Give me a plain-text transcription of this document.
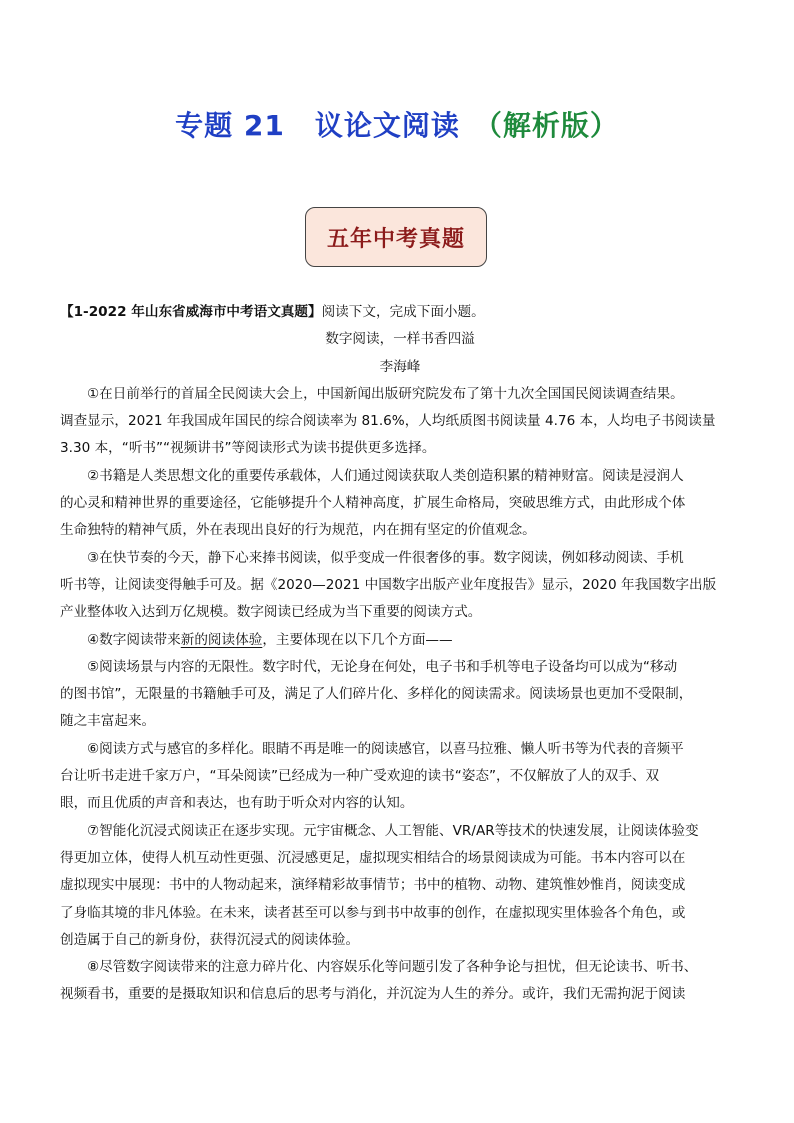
专题 21 议论文阅读 （解析版）
五年中考真题
【1-2022 年山东省威海市中考语文真题】阅读下文，完成下面小题。
数字阅读，一样书香四溢
李海峰
①在日前举行的首届全民阅读大会上，中国新闻出版研究院发布了第十九次全国国民阅读调查结果。
调查显示，2021 年我国成年国民的综合阅读率为 81.6%，人均纸质图书阅读量 4.76 本，人均电子书阅读量
3.30 本，“听书”“视频讲书”等阅读形式为读书提供更多选择。
②书籍是人类思想文化的重要传承载体，人们通过阅读获取人类创造积累的精神财富。阅读是浸润人
的心灵和精神世界的重要途径，它能够提升个人精神高度，扩展生命格局，突破思维方式，由此形成个体
生命独特的精神气质，外在表现出良好的行为规范，内在拥有坚定的价值观念。
③在快节奏的今天，静下心来捧书阅读，似乎变成一件很奢侈的事。数字阅读，例如移动阅读、手机
听书等，让阅读变得触手可及。据《2020—2021 中国数字出版产业年度报告》显示，2020 年我国数字出版
产业整体收入达到万亿规模。数字阅读已经成为当下重要的阅读方式。
④数字阅读带来新的阅读体验，主要体现在以下几个方面——
⑤阅读场景与内容的无限性。数字时代，无论身在何处，电子书和手机等电子设备均可以成为“移动
的图书馆”，无限量的书籍触手可及，满足了人们碎片化、多样化的阅读需求。阅读场景也更加不受限制，
随之丰富起来。
⑥阅读方式与感官的多样化。眼睛不再是唯一的阅读感官，以喜马拉雅、懒人听书等为代表的音频平
台让听书走进千家万户，“耳朵阅读”已经成为一种广受欢迎的读书“姿态”，不仅解放了人的双手、双
眼，而且优质的声音和表达，也有助于听众对内容的认知。
⑦智能化沉浸式阅读正在逐步实现。元宇宙概念、人工智能、VR/AR等技术的快速发展，让阅读体验变
得更加立体，使得人机互动性更强、沉浸感更足，虚拟现实相结合的场景阅读成为可能。书本内容可以在
虚拟现实中展现：书中的人物动起来，演绎精彩故事情节；书中的植物、动物、建筑惟妙惟肖，阅读变成
了身临其境的非凡体验。在未来，读者甚至可以参与到书中故事的创作，在虚拟现实里体验各个角色，或
创造属于自己的新身份，获得沉浸式的阅读体验。
⑧尽管数字阅读带来的注意力碎片化、内容娱乐化等问题引发了各种争论与担忧，但无论读书、听书、
视频看书，重要的是摄取知识和信息后的思考与消化，并沉淀为人生的养分。或许，我们无需拘泥于阅读
